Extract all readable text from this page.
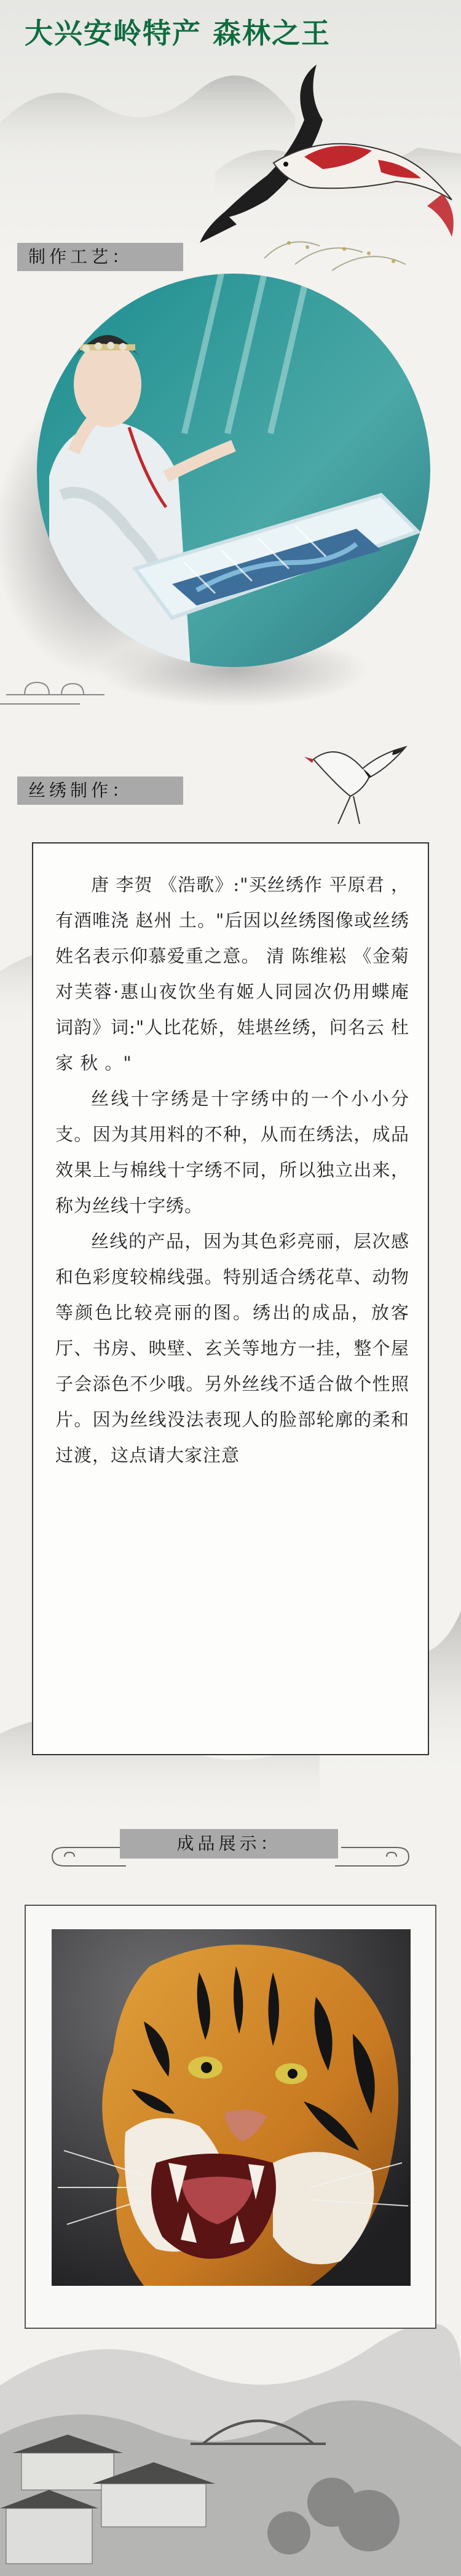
大兴安岭特产 森林之王
制作工艺：
丝绣制作：

唐 李贺 《浩歌》:"买丝绣作 平原君 ，有酒唯浇 赵州 土。"后因以丝绣图像或丝绣姓名表示仰慕爱重之意。 清 陈维崧 《金菊对芙蓉·惠山夜饮坐有姬人同园次仍用蝶庵词韵》词:"人比花娇，娃堪丝绣，问名云 杜家 秋 。"

丝线十字绣是十字绣中的一个小小分支。因为其用料的不种，从而在绣法，成品效果上与棉线十字绣不同，所以独立出来，称为丝线十字绣。

丝线的产品，因为其色彩亮丽，层次感和色彩度较棉线强。特别适合绣花草、动物等颜色比较亮丽的图。绣出的成品，放客厅、书房、映壁、玄关等地方一挂，整个屋子会添色不少哦。另外丝线不适合做个性照片。因为丝线没法表现人的脸部轮廓的柔和过渡，这点请大家注意

成品展示：
